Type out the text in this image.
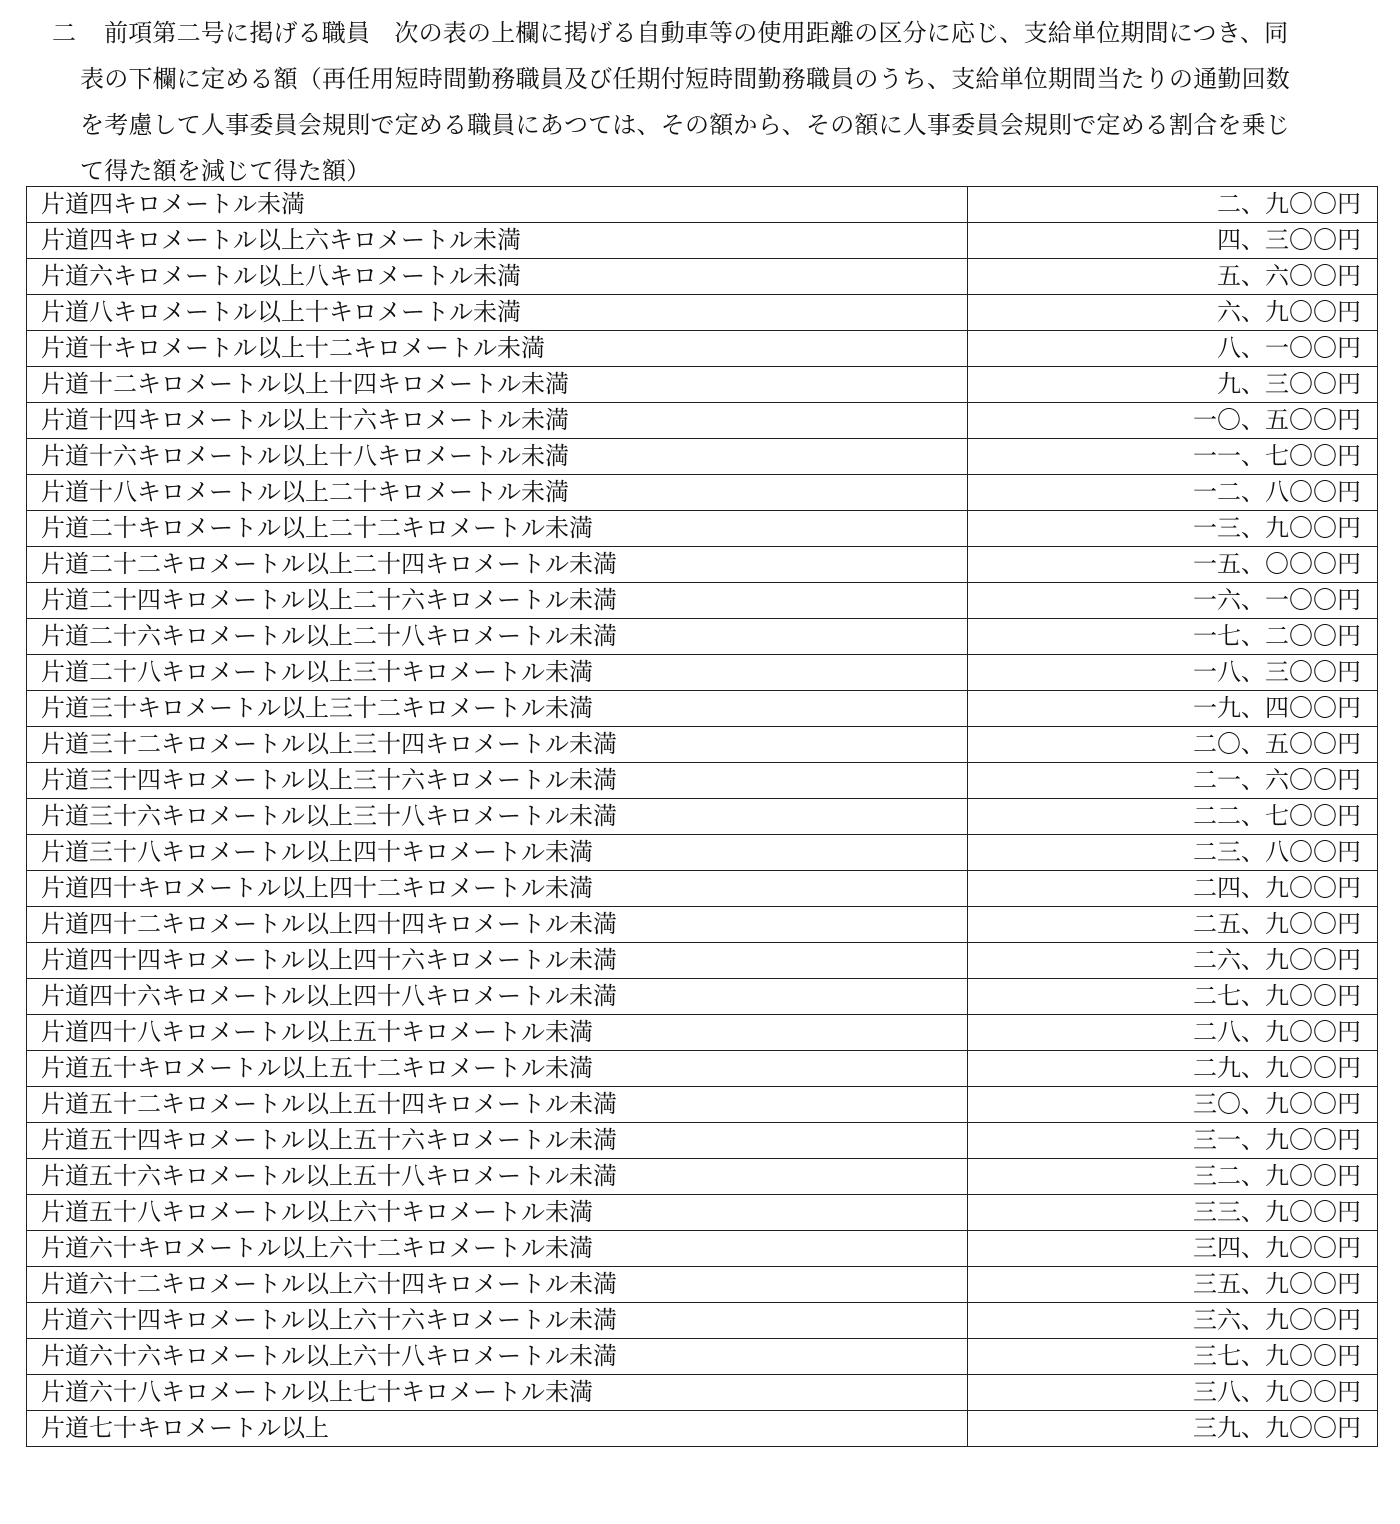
二 前項第二号に掲げる職員　次の表の上欄に掲げる自動車等の使用距離の区分に応じ、支給単位期間につき、同
表の下欄に定める額（再任用短時間勤務職員及び任期付短時間勤務職員のうち、支給単位期間当たりの通勤回数
を考慮して人事委員会規則で定める職員にあつては、その額から、その額に人事委員会規則で定める割合を乗じ
て得た額を減じて得た額）
片道四キロメートル未満	二、九〇〇円
片道四キロメートル以上六キロメートル未満	四、三〇〇円
片道六キロメートル以上八キロメートル未満	五、六〇〇円
片道八キロメートル以上十キロメートル未満	六、九〇〇円
片道十キロメートル以上十二キロメートル未満	八、一〇〇円
片道十二キロメートル以上十四キロメートル未満	九、三〇〇円
片道十四キロメートル以上十六キロメートル未満	一〇、五〇〇円
片道十六キロメートル以上十八キロメートル未満	一一、七〇〇円
片道十八キロメートル以上二十キロメートル未満	一二、八〇〇円
片道二十キロメートル以上二十二キロメートル未満	一三、九〇〇円
片道二十二キロメートル以上二十四キロメートル未満	一五、〇〇〇円
片道二十四キロメートル以上二十六キロメートル未満	一六、一〇〇円
片道二十六キロメートル以上二十八キロメートル未満	一七、二〇〇円
片道二十八キロメートル以上三十キロメートル未満	一八、三〇〇円
片道三十キロメートル以上三十二キロメートル未満	一九、四〇〇円
片道三十二キロメートル以上三十四キロメートル未満	二〇、五〇〇円
片道三十四キロメートル以上三十六キロメートル未満	二一、六〇〇円
片道三十六キロメートル以上三十八キロメートル未満	二二、七〇〇円
片道三十八キロメートル以上四十キロメートル未満	二三、八〇〇円
片道四十キロメートル以上四十二キロメートル未満	二四、九〇〇円
片道四十二キロメートル以上四十四キロメートル未満	二五、九〇〇円
片道四十四キロメートル以上四十六キロメートル未満	二六、九〇〇円
片道四十六キロメートル以上四十八キロメートル未満	二七、九〇〇円
片道四十八キロメートル以上五十キロメートル未満	二八、九〇〇円
片道五十キロメートル以上五十二キロメートル未満	二九、九〇〇円
片道五十二キロメートル以上五十四キロメートル未満	三〇、九〇〇円
片道五十四キロメートル以上五十六キロメートル未満	三一、九〇〇円
片道五十六キロメートル以上五十八キロメートル未満	三二、九〇〇円
片道五十八キロメートル以上六十キロメートル未満	三三、九〇〇円
片道六十キロメートル以上六十二キロメートル未満	三四、九〇〇円
片道六十二キロメートル以上六十四キロメートル未満	三五、九〇〇円
片道六十四キロメートル以上六十六キロメートル未満	三六、九〇〇円
片道六十六キロメートル以上六十八キロメートル未満	三七、九〇〇円
片道六十八キロメートル以上七十キロメートル未満	三八、九〇〇円
片道七十キロメートル以上	三九、九〇〇円
